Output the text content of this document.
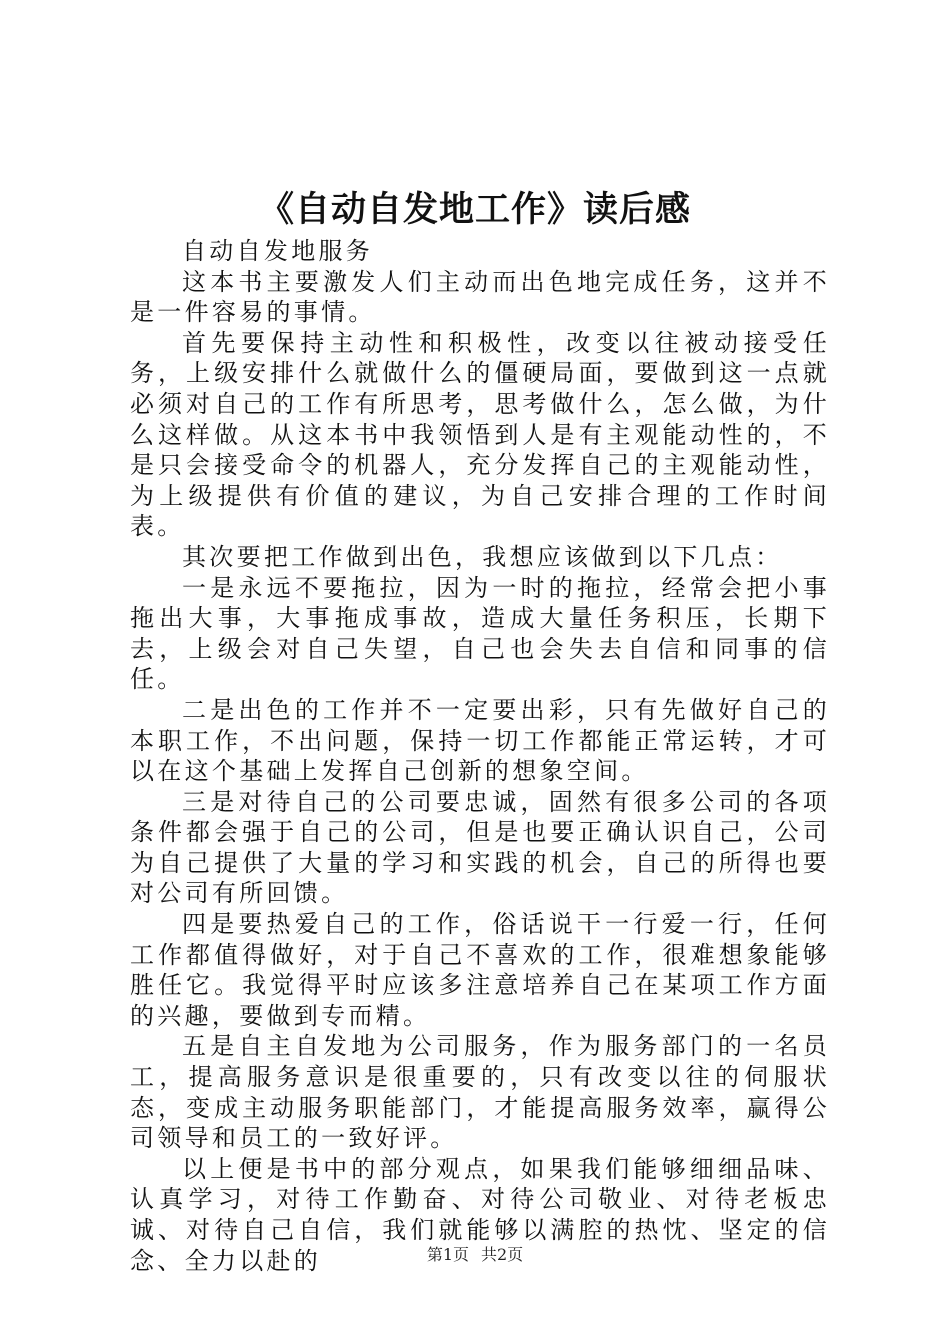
《自动自发地工作》读后感

自动自发地服务

这本书主要激发人们主动而出色地完成任务，这并不是一件容易的事情。

首先要保持主动性和积极性，改变以往被动接受任务，上级安排什么就做什么的僵硬局面，要做到这一点就必须对自己的工作有所思考，思考做什么，怎么做，为什么这样做。从这本书中我领悟到人是有主观能动性的，不是只会接受命令的机器人，充分发挥自己的主观能动性，为上级提供有价值的建议，为自己安排合理的工作时间表。

其次要把工作做到出色，我想应该做到以下几点：

一是永远不要拖拉，因为一时的拖拉，经常会把小事拖出大事，大事拖成事故，造成大量任务积压，长期下去，上级会对自己失望，自己也会失去自信和同事的信任。

二是出色的工作并不一定要出彩，只有先做好自己的本职工作，不出问题，保持一切工作都能正常运转，才可以在这个基础上发挥自己创新的想象空间。

三是对待自己的公司要忠诚，固然有很多公司的各项条件都会强于自己的公司，但是也要正确认识自己，公司为自己提供了大量的学习和实践的机会，自己的所得也要对公司有所回馈。

四是要热爱自己的工作，俗话说干一行爱一行，任何工作都值得做好，对于自己不喜欢的工作，很难想象能够胜任它。我觉得平时应该多注意培养自己在某项工作方面的兴趣，要做到专而精。

五是自主自发地为公司服务，作为服务部门的一名员工，提高服务意识是很重要的，只有改变以往的伺服状态，变成主动服务职能部门，才能提高服务效率，赢得公司领导和员工的一致好评。

以上便是书中的部分观点，如果我们能够细细品味、认真学习，对待工作勤奋、对待公司敬业、对待老板忠诚、对待自己自信，我们就能够以满腔的热忱、坚定的信念、全力以赴的	第1页 共2页
